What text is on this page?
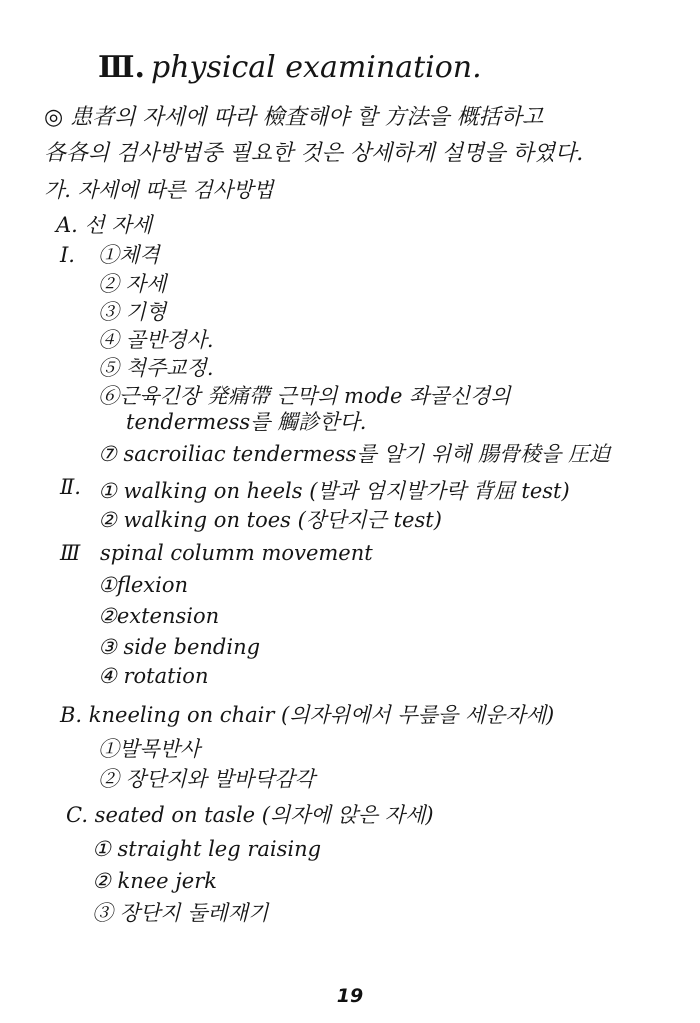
Ⅲ. physical examination.
◎ 患者의 자세에 따라 檢査해야 할 方法을 概括하고
各各의 검사방법중 필요한 것은 상세하게 설명을 하였다.
가. 자세에 따른 검사방법
A. 선 자세
I. ①체격
② 자세
③ 기형
④ 골반경사.
⑤ 척주교정.
⑥근육긴장 発痛帶 근막의 mode 좌골신경의
tendermess를 觸診한다.
⑦ sacroiliac tendermess를 알기 위해 腸骨稜을 圧迫
Ⅱ. ① walking on heels (발과 엄지발가락 背屈 test)
② walking on toes (장단지근 test)
Ⅲ spinal columm movement
①flexion
②extension
③ side bending
④ rotation
B. kneeling on chair (의자위에서 무릎을 세운자세)
①발목반사
② 장단지와 발바닥감각
C. seated on tasle (의자에 앉은 자세)
① straight leg raising
② knee jerk
③ 장단지 둘레재기
19
